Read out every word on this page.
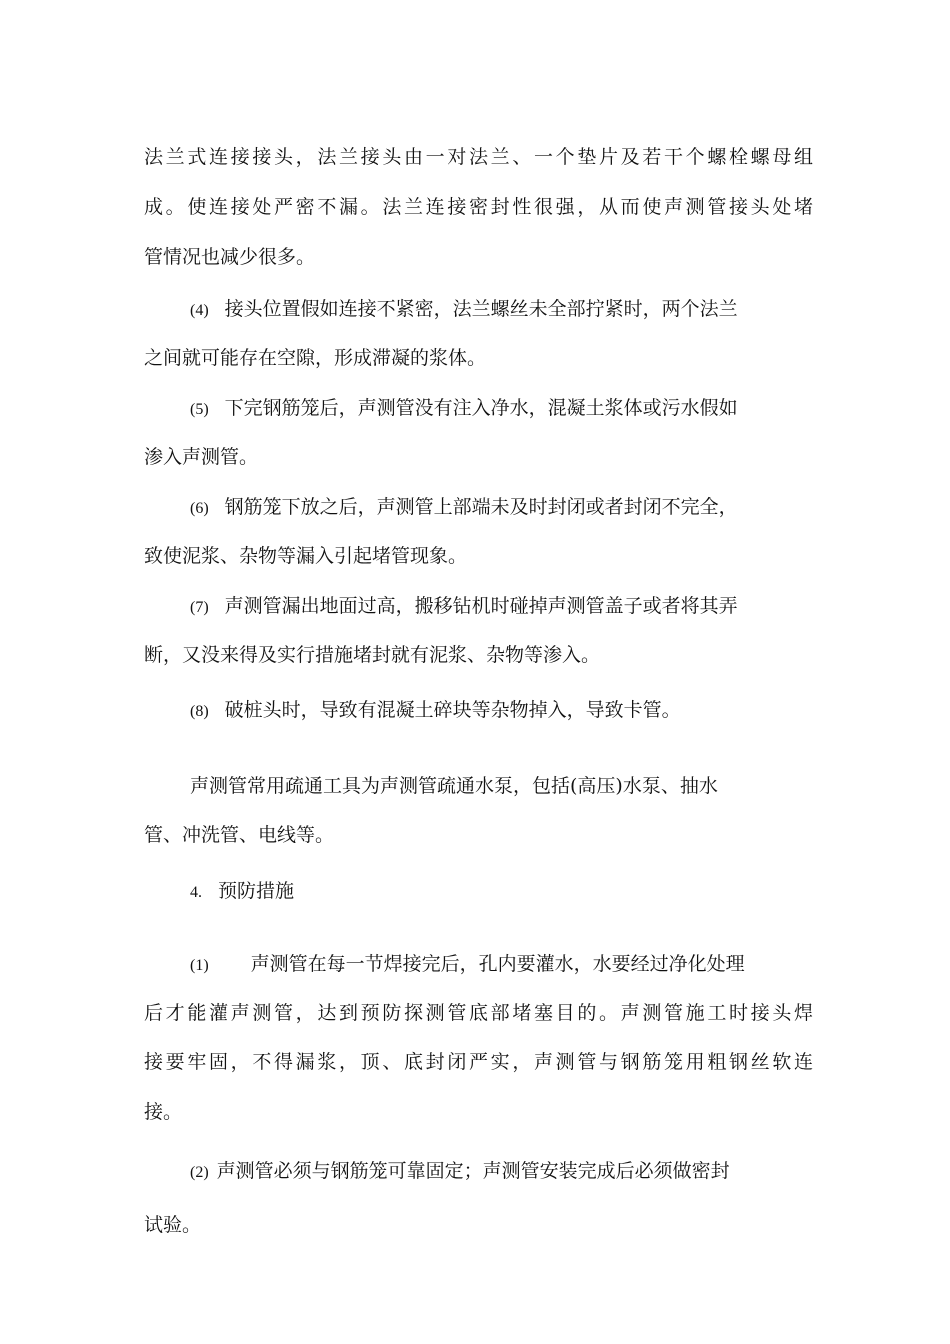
法兰式连接接头，法兰接头由一对法兰、一个垫片及若干个螺栓螺母组
成。使连接处严密不漏。法兰连接密封性很强，从而使声测管接头处堵
管情况也减少很多。
(4) 接头位置假如连接不紧密，法兰螺丝未全部拧紧时，两个法兰
之间就可能存在空隙，形成滞凝的浆体。
(5) 下完钢筋笼后，声测管没有注入净水，混凝土浆体或污水假如
渗入声测管。
(6) 钢筋笼下放之后，声测管上部端未及时封闭或者封闭不完全，
致使泥浆、杂物等漏入引起堵管现象。
(7) 声测管漏出地面过高，搬移钻机时碰掉声测管盖子或者将其弄
断，又没来得及实行措施堵封就有泥浆、杂物等渗入。
(8) 破桩头时，导致有混凝土碎块等杂物掉入，导致卡管。
声测管常用疏通工具为声测管疏通水泵，包括(高压)水泵、抽水
管、冲洗管、电线等。
4. 预防措施
(1) 声测管在每一节焊接完后，孔内要灌水，水要经过净化处理
后才能灌声测管，达到预防探测管底部堵塞目的。声测管施工时接头焊
接要牢固，不得漏浆，顶、底封闭严实，声测管与钢筋笼用粗钢丝软连
接。
(2) 声测管必须与钢筋笼可靠固定；声测管安装完成后必须做密封
试验。
